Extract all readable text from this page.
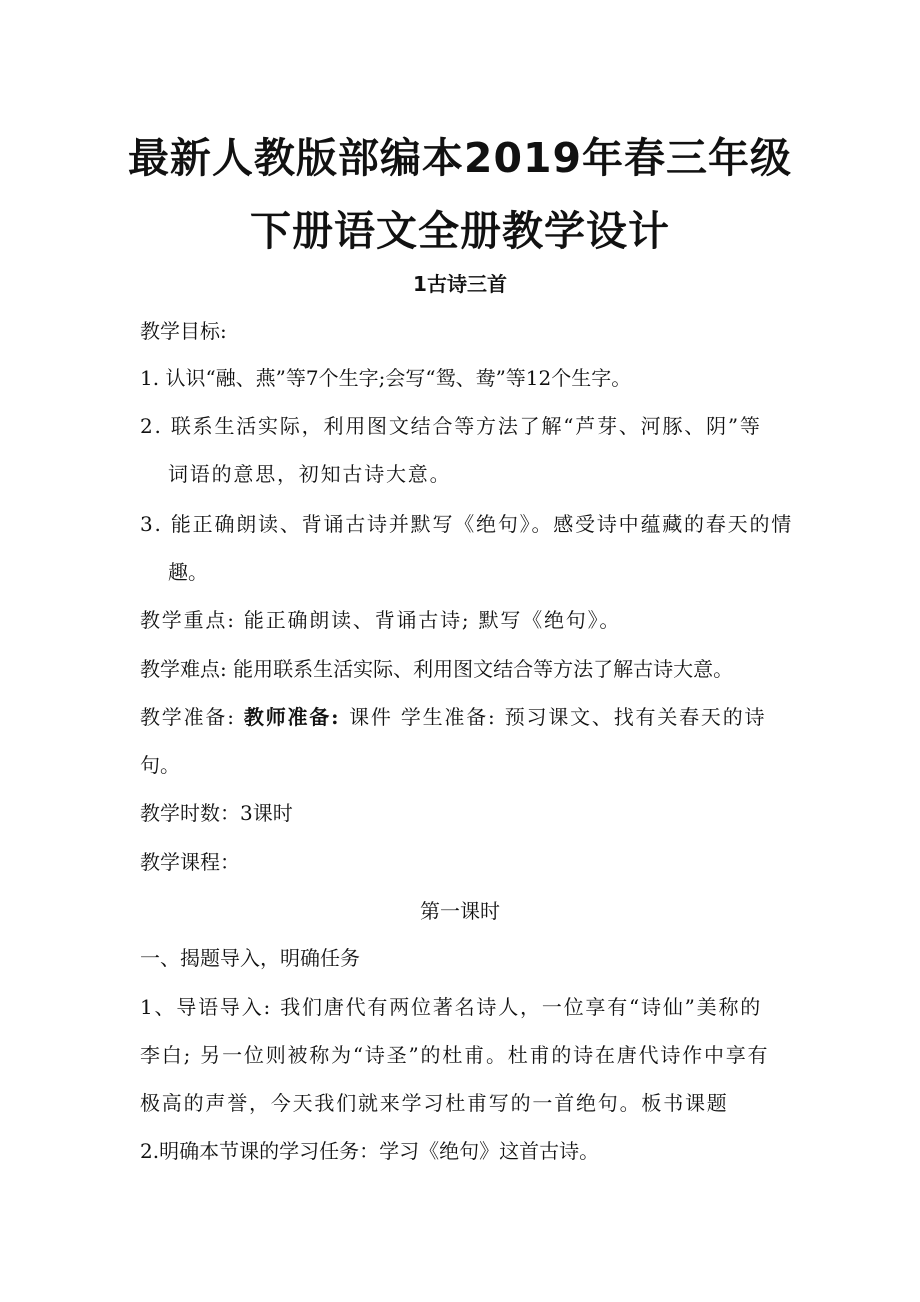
最新人教版部编本2019年春三年级
下册语文全册教学设计
1古诗三首
教学目标:
1. 认识“融、燕”等7个生字;会写“鸳、鸯”等12个生字。
2. 联系生活实际，利用图文结合等方法了解“芦芽、河豚、阴”等
词语的意思，初知古诗大意。
3. 能正确朗读、背诵古诗并默写《绝句》。感受诗中蕴藏的春天的情
趣。
教学重点: 能正确朗读、背诵古诗; 默写《绝句》。
教学难点: 能用联系生活实际、利用图文结合等方法了解古诗大意。
教学准备: 教师准备: 课件 学生准备: 预习课文、找有关春天的诗
句。
教学时数：3课时
教学课程：
第一课时
一、揭题导入，明确任务
1、导语导入: 我们唐代有两位著名诗人，一位享有“诗仙”美称的
李白; 另一位则被称为“诗圣”的杜甫。杜甫的诗在唐代诗作中享有
极高的声誉，今天我们就来学习杜甫写的一首绝句。板书课题
2.明确本节课的学习任务：学习《绝句》这首古诗。
